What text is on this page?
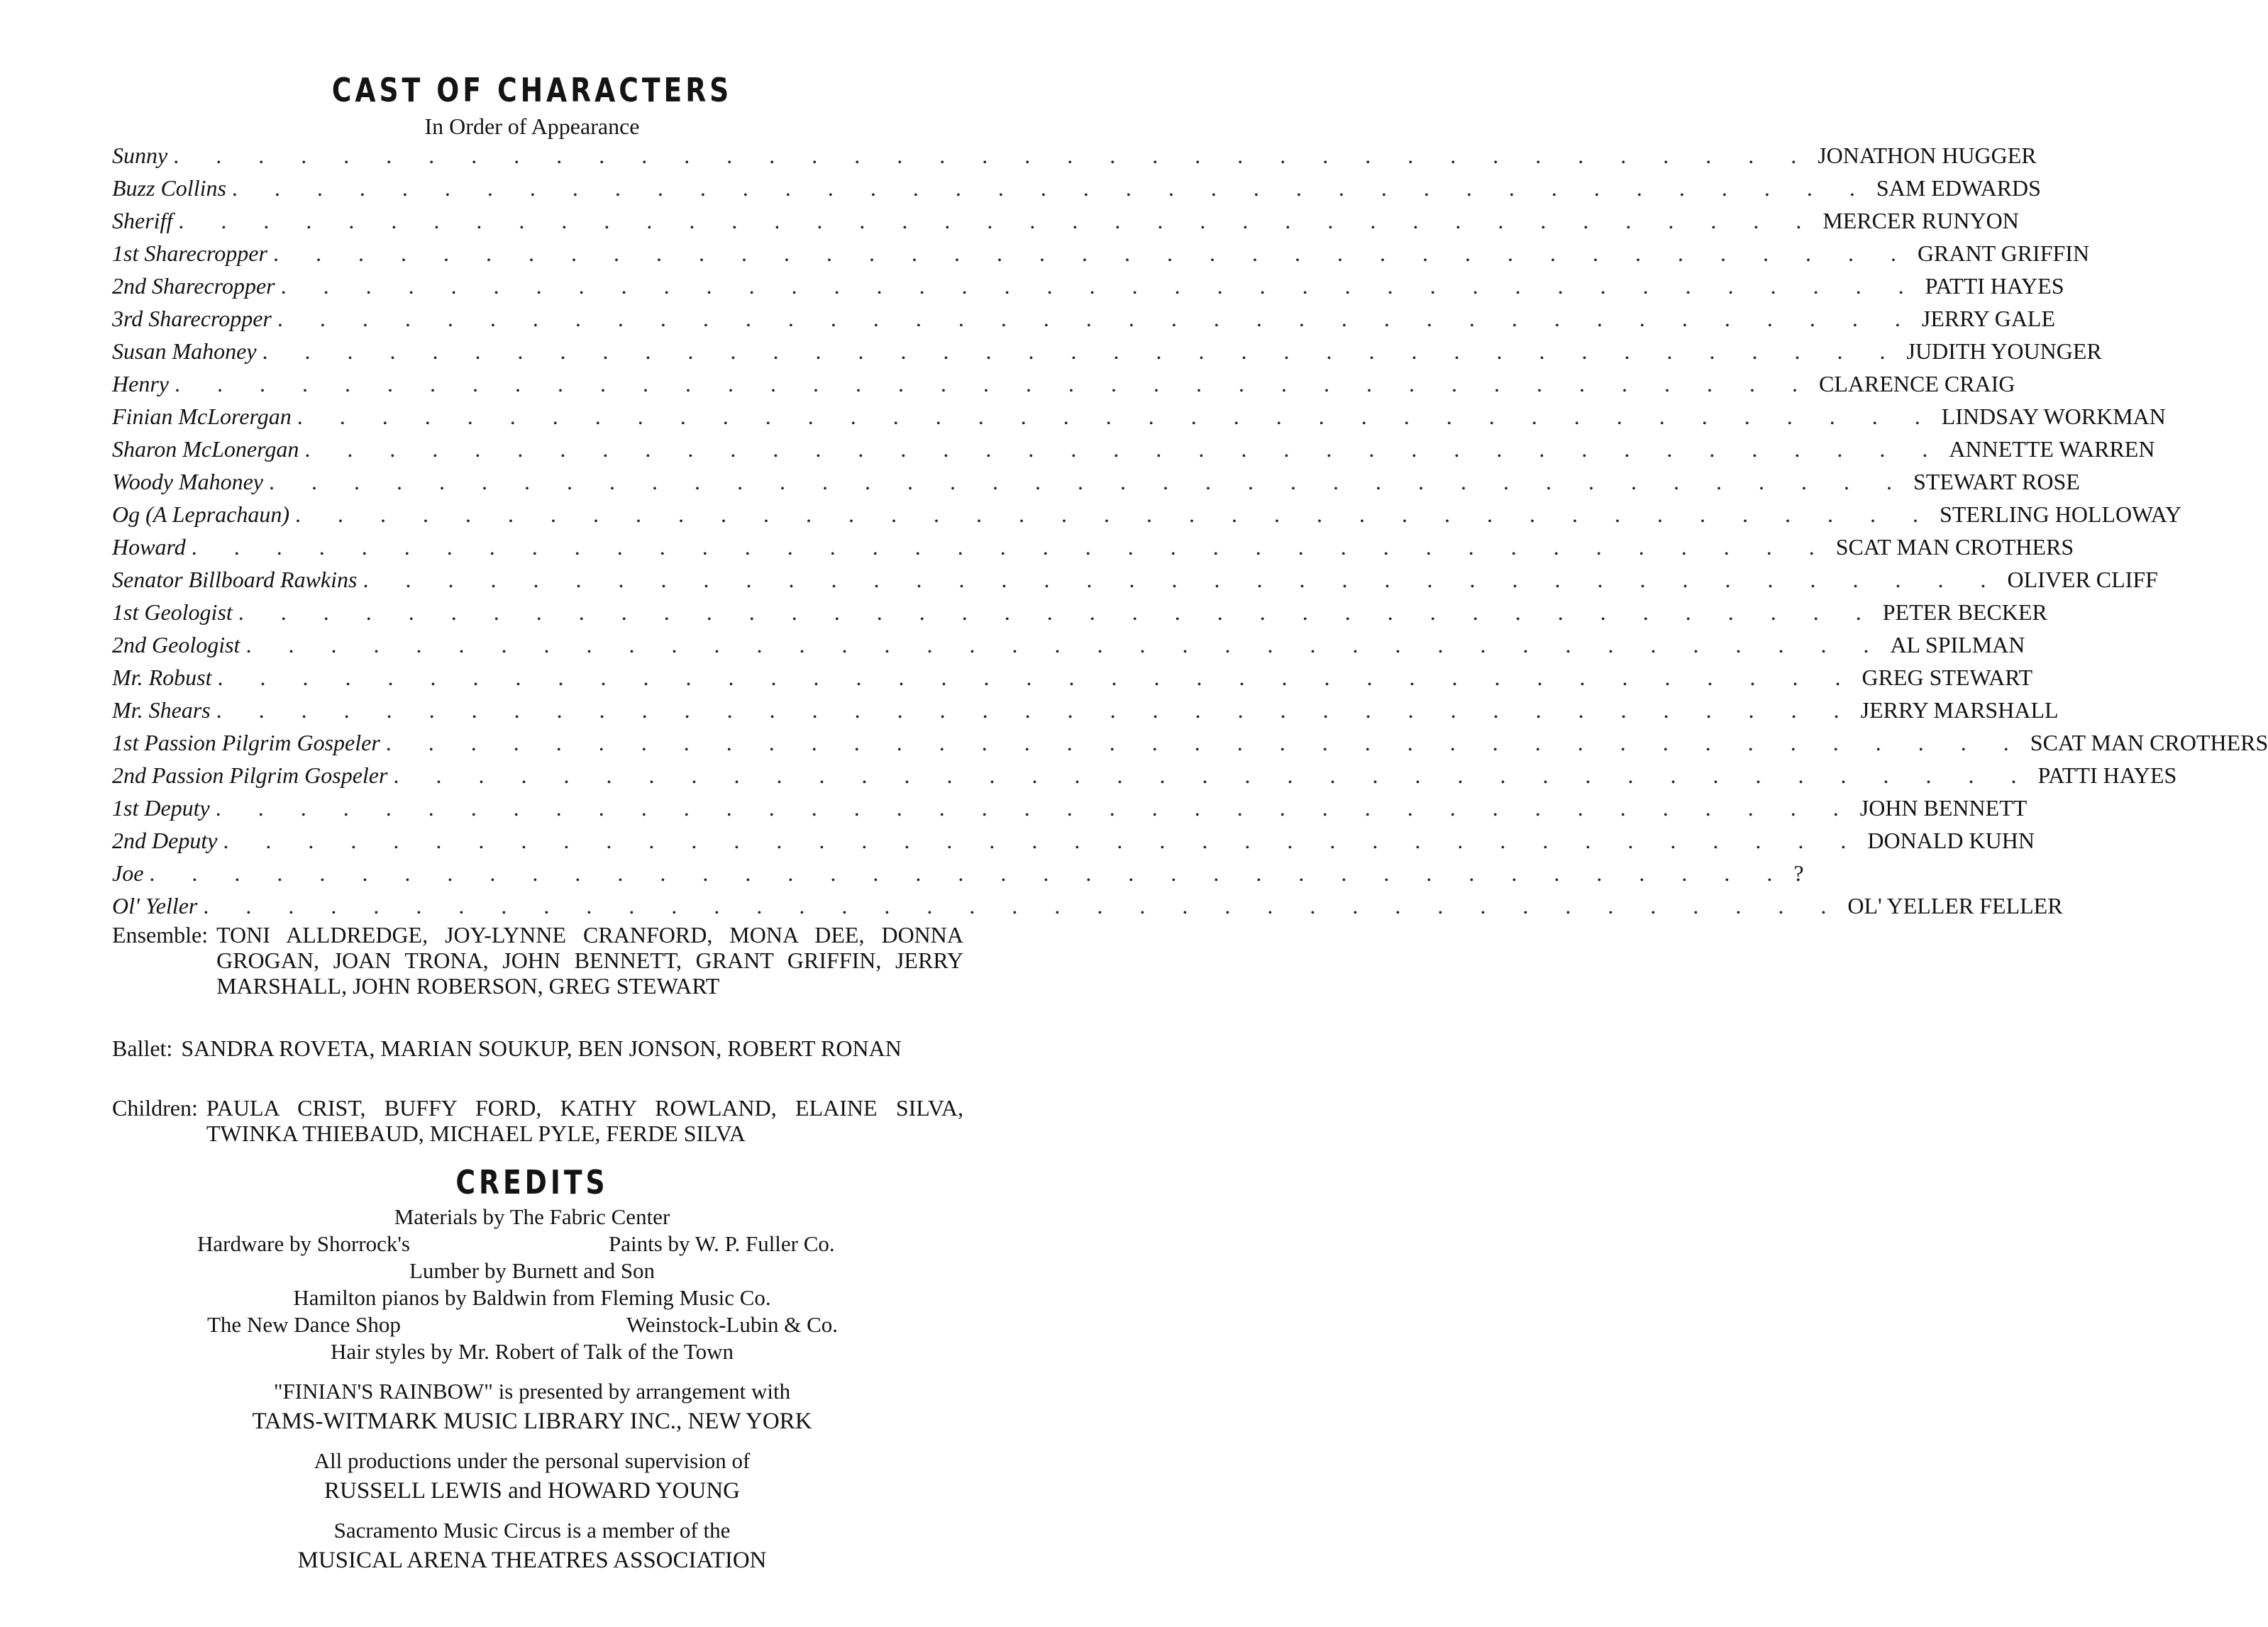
CAST OF CHARACTERS
In Order of Appearance
Sunny . . . . . . . . . . . . . . . . . . . . . . . . . . . . . . . . . . . . . . . JONATHON HUGGER
Buzz Collins . . . . . . . . . . . . . . . . . . . . . . . . . . . . . . . . . . . . . . . SAM EDWARDS
Sheriff . . . . . . . . . . . . . . . . . . . . . . . . . . . . . . . . . . . . . . . MERCER RUNYON
1st Sharecropper . . . . . . . . . . . . . . . . . . . . . . . . . . . . . . . . . . . . . . . GRANT GRIFFIN
2nd Sharecropper . . . . . . . . . . . . . . . . . . . . . . . . . . . . . . . . . . . . . . . PATTI HAYES
3rd Sharecropper . . . . . . . . . . . . . . . . . . . . . . . . . . . . . . . . . . . . . . . JERRY GALE
Susan Mahoney . . . . . . . . . . . . . . . . . . . . . . . . . . . . . . . . . . . . . . . JUDITH YOUNGER
Henry . . . . . . . . . . . . . . . . . . . . . . . . . . . . . . . . . . . . . . . CLARENCE CRAIG
Finian McLorergan . . . . . . . . . . . . . . . . . . . . . . . . . . . . . . . . . . . . . . . LINDSAY WORKMAN
Sharon McLonergan . . . . . . . . . . . . . . . . . . . . . . . . . . . . . . . . . . . . . . . ANNETTE WARREN
Woody Mahoney . . . . . . . . . . . . . . . . . . . . . . . . . . . . . . . . . . . . . . . STEWART ROSE
Og (A Leprachaun) . . . . . . . . . . . . . . . . . . . . . . . . . . . . . . . . . . . . . . . STERLING HOLLOWAY
Howard . . . . . . . . . . . . . . . . . . . . . . . . . . . . . . . . . . . . . . . SCAT MAN CROTHERS
Senator Billboard Rawkins . . . . . . . . . . . . . . . . . . . . . . . . . . . . . . . . . . . . . . . OLIVER CLIFF
1st Geologist . . . . . . . . . . . . . . . . . . . . . . . . . . . . . . . . . . . . . . . PETER BECKER
2nd Geologist . . . . . . . . . . . . . . . . . . . . . . . . . . . . . . . . . . . . . . . AL SPILMAN
Mr. Robust . . . . . . . . . . . . . . . . . . . . . . . . . . . . . . . . . . . . . . . GREG STEWART
Mr. Shears . . . . . . . . . . . . . . . . . . . . . . . . . . . . . . . . . . . . . . . JERRY MARSHALL
1st Passion Pilgrim Gospeler . . . . . . . . . . . . . . . . . . . . . . . . . . . . . . . . . . . . . . . SCAT MAN CROTHERS
2nd Passion Pilgrim Gospeler . . . . . . . . . . . . . . . . . . . . . . . . . . . . . . . . . . . . . . . PATTI HAYES
1st Deputy . . . . . . . . . . . . . . . . . . . . . . . . . . . . . . . . . . . . . . . JOHN BENNETT
2nd Deputy . . . . . . . . . . . . . . . . . . . . . . . . . . . . . . . . . . . . . . . DONALD KUHN
Joe . . . . . . . . . . . . . . . . . . . . . . . . . . . . . . . . . . . . . . . ?
Ol' Yeller . . . . . . . . . . . . . . . . . . . . . . . . . . . . . . . . . . . . . . . OL' YELLER FELLER
Ensemble: TONI ALLDREDGE, JOY-LYNNE CRANFORD, MONA DEE, DONNA GROGAN, JOAN TRONA, JOHN BENNETT, GRANT GRIFFIN, JERRY MARSHALL, JOHN ROBERSON, GREG STEWART
Ballet: SANDRA ROVETA, MARIAN SOUKUP, BEN JONSON, ROBERT RONAN
Children: PAULA CRIST, BUFFY FORD, KATHY ROWLAND, ELAINE SILVA, TWINKA THIEBAUD, MICHAEL PYLE, FERDE SILVA
CREDITS
Materials by The Fabric Center
Hardware by Shorrock's	Paints by W. P. Fuller Co.
Lumber by Burnett and Son
Hamilton pianos by Baldwin from Fleming Music Co.
The New Dance Shop	Weinstock-Lubin & Co.
Hair styles by Mr. Robert of Talk of the Town
"FINIAN'S RAINBOW" is presented by arrangement with
TAMS-WITMARK MUSIC LIBRARY INC., NEW YORK
All productions under the personal supervision of
RUSSELL LEWIS and HOWARD YOUNG
Sacramento Music Circus is a member of the
MUSICAL ARENA THEATRES ASSOCIATION
